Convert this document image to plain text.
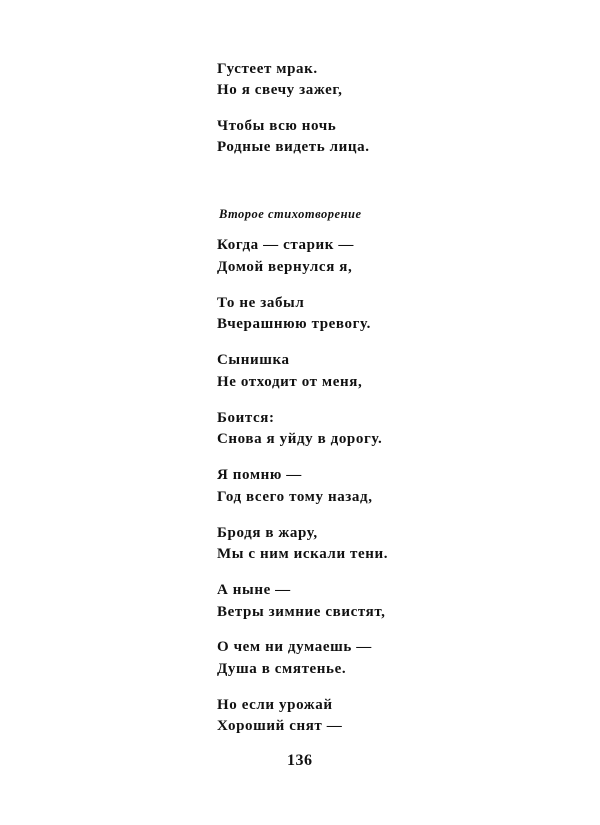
Густеет мрак.
Но я свечу зажег,
Чтобы всю ночь
Родные видеть лица.
Второе стихотворение
Когда — старик —
Домой вернулся я,
То не забыл
Вчерашнюю тревогу.
Сынишка
Не отходит от меня,
Боится:
Снова я уйду в дорогу.
Я помню —
Год всего тому назад,
Бродя в жару,
Мы с ним искали тени.
А ныне —
Ветры зимние свистят,
О чем ни думаешь —
Душа в смятенье.
Но если урожай
Хороший снят —
136
